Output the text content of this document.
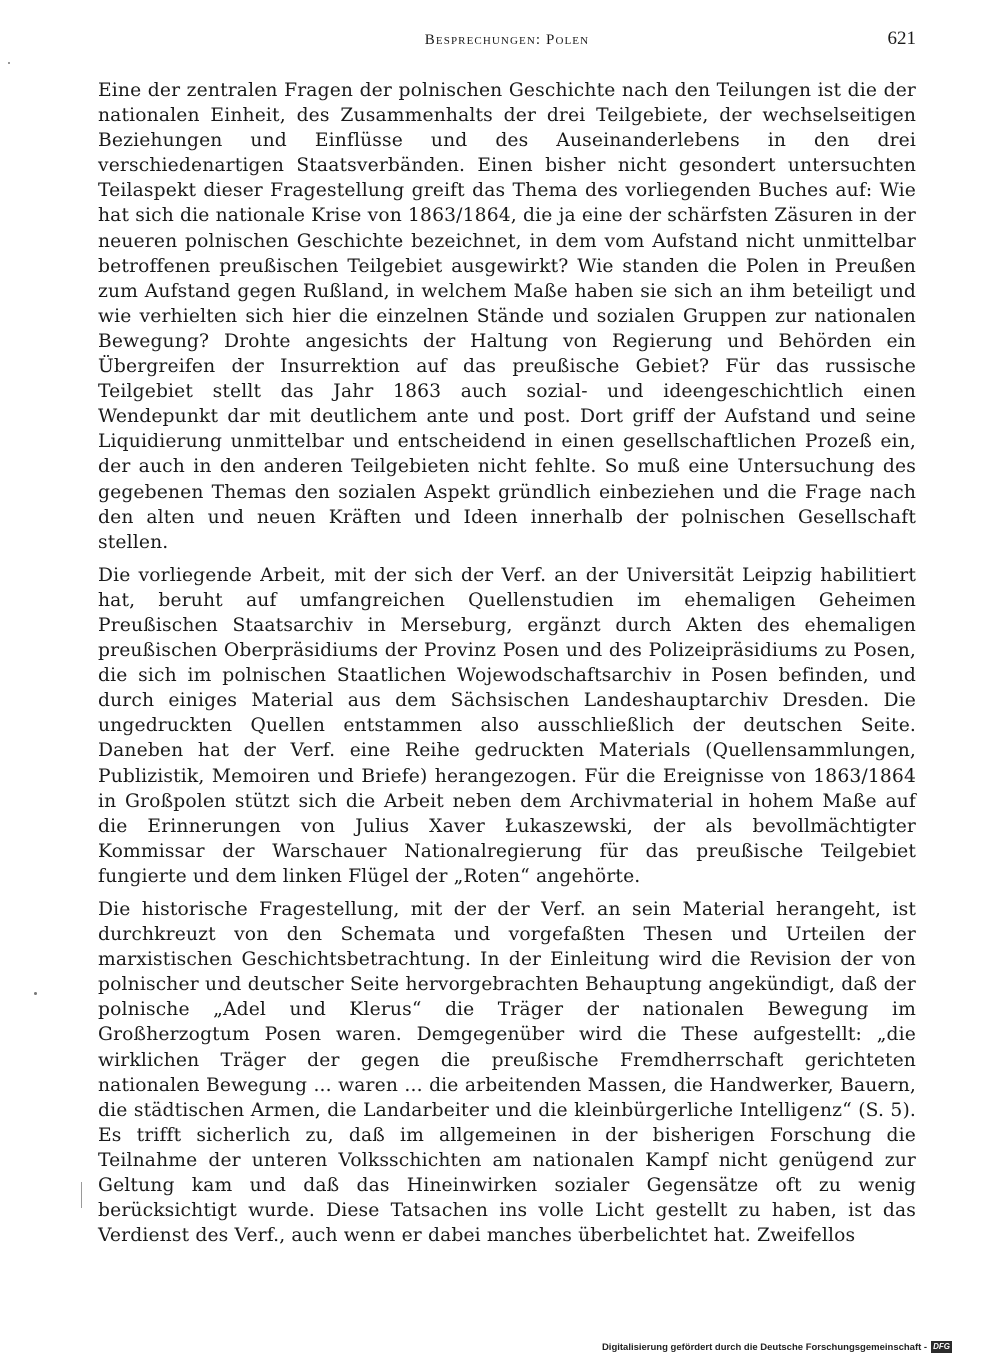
Besprechungen: Polen	621

Eine der zentralen Fragen der polnischen Geschichte nach den Teilungen ist die der nationalen Einheit, des Zusammenhalts der drei Teilgebiete, der wechselseitigen Beziehungen und Einflüsse und des Auseinanderlebens in den drei verschiedenartigen Staatsverbänden. Einen bisher nicht gesondert untersuchten Teilaspekt dieser Fragestellung greift das Thema des vorliegenden Buches auf: Wie hat sich die nationale Krise von 1863/1864, die ja eine der schärfsten Zäsuren in der neueren polnischen Geschichte bezeichnet, in dem vom Aufstand nicht unmittelbar betroffenen preußischen Teilgebiet ausgewirkt? Wie standen die Polen in Preußen zum Aufstand gegen Rußland, in welchem Maße haben sie sich an ihm beteiligt und wie verhielten sich hier die einzelnen Stände und sozialen Gruppen zur nationalen Bewegung? Drohte angesichts der Haltung von Regierung und Behörden ein Übergreifen der Insurrektion auf das preußische Gebiet? Für das russische Teilgebiet stellt das Jahr 1863 auch sozial- und ideengeschichtlich einen Wendepunkt dar mit deutlichem ante und post. Dort griff der Aufstand und seine Liquidierung unmittelbar und entscheidend in einen gesellschaftlichen Prozeß ein, der auch in den anderen Teilgebieten nicht fehlte. So muß eine Untersuchung des gegebenen Themas den sozialen Aspekt gründlich einbeziehen und die Frage nach den alten und neuen Kräften und Ideen innerhalb der polnischen Gesellschaft stellen.

Die vorliegende Arbeit, mit der sich der Verf. an der Universität Leipzig habilitiert hat, beruht auf umfangreichen Quellenstudien im ehemaligen Geheimen Preußischen Staatsarchiv in Merseburg, ergänzt durch Akten des ehemaligen preußischen Oberpräsidiums der Provinz Posen und des Polizeipräsidiums zu Posen, die sich im polnischen Staatlichen Wojewodschaftsarchiv in Posen befinden, und durch einiges Material aus dem Sächsischen Landeshauptarchiv Dresden. Die ungedruckten Quellen entstammen also ausschließlich der deutschen Seite. Daneben hat der Verf. eine Reihe gedruckten Materials (Quellensammlungen, Publizistik, Memoiren und Briefe) herangezogen. Für die Ereignisse von 1863/1864 in Großpolen stützt sich die Arbeit neben dem Archivmaterial in hohem Maße auf die Erinnerungen von Julius Xaver Łukaszewski, der als bevollmächtigter Kommissar der Warschauer Nationalregierung für das preußische Teilgebiet fungierte und dem linken Flügel der „Roten“ angehörte.

Die historische Fragestellung, mit der der Verf. an sein Material herangeht, ist durchkreuzt von den Schemata und vorgefaßten Thesen und Urteilen der marxistischen Geschichtsbetrachtung. In der Einleitung wird die Revision der von polnischer und deutscher Seite hervorgebrachten Behauptung angekündigt, daß der polnische „Adel und Klerus“ die Träger der nationalen Bewegung im Großherzogtum Posen waren. Demgegenüber wird die These aufgestellt: „die wirklichen Träger der gegen die preußische Fremdherrschaft gerichteten nationalen Bewegung ... waren ... die arbeitenden Massen, die Handwerker, Bauern, die städtischen Armen, die Landarbeiter und die kleinbürgerliche Intelligenz“ (S. 5). Es trifft sicherlich zu, daß im allgemeinen in der bisherigen Forschung die Teilnahme der unteren Volksschichten am nationalen Kampf nicht genügend zur Geltung kam und daß das Hineinwirken sozialer Gegensätze oft zu wenig berücksichtigt wurde. Diese Tatsachen ins volle Licht gestellt zu haben, ist das Verdienst des Verf., auch wenn er dabei manches überbelichtet hat. Zweifellos

Digitalisierung gefördert durch die Deutsche Forschungsgemeinschaft - DFG
